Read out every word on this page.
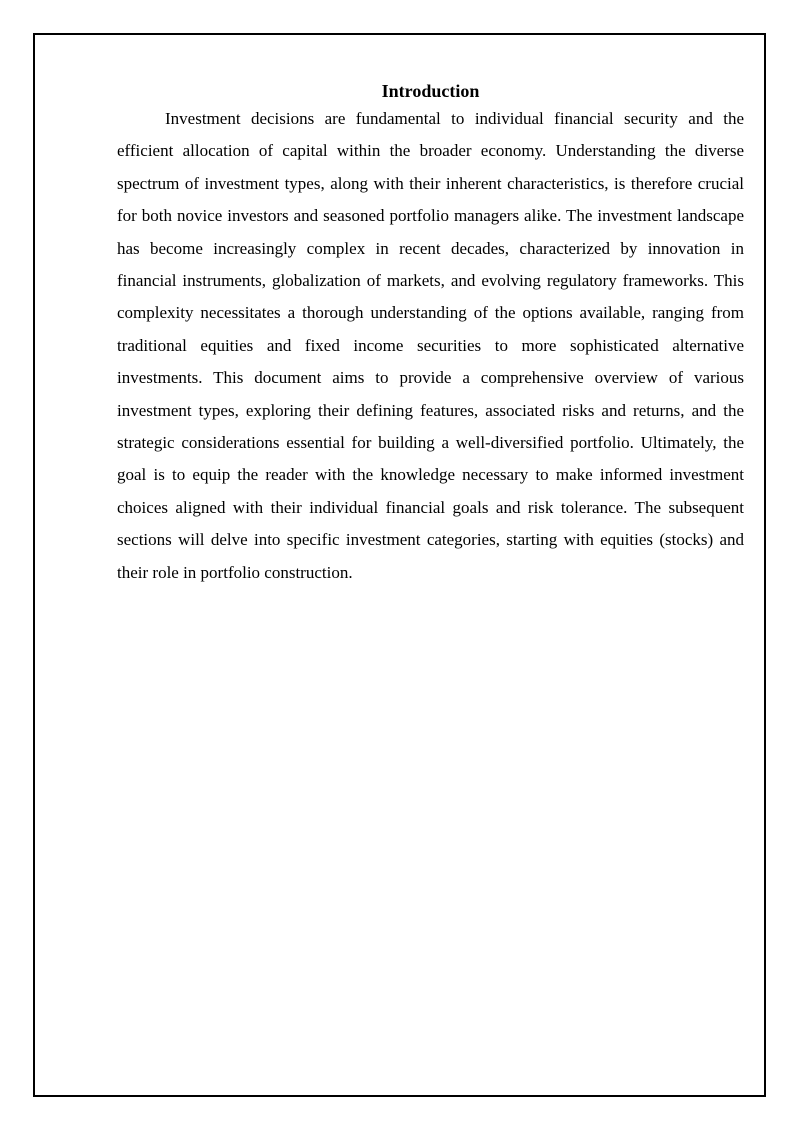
Introduction

Investment decisions are fundamental to individual financial security and the efficient allocation of capital within the broader economy. Understanding the diverse spectrum of investment types, along with their inherent characteristics, is therefore crucial for both novice investors and seasoned portfolio managers alike. The investment landscape has become increasingly complex in recent decades, characterized by innovation in financial instruments, globalization of markets, and evolving regulatory frameworks. This complexity necessitates a thorough understanding of the options available, ranging from traditional equities and fixed income securities to more sophisticated alternative investments. This document aims to provide a comprehensive overview of various investment types, exploring their defining features, associated risks and returns, and the strategic considerations essential for building a well-diversified portfolio. Ultimately, the goal is to equip the reader with the knowledge necessary to make informed investment choices aligned with their individual financial goals and risk tolerance. The subsequent sections will delve into specific investment categories, starting with equities (stocks) and their role in portfolio construction.
